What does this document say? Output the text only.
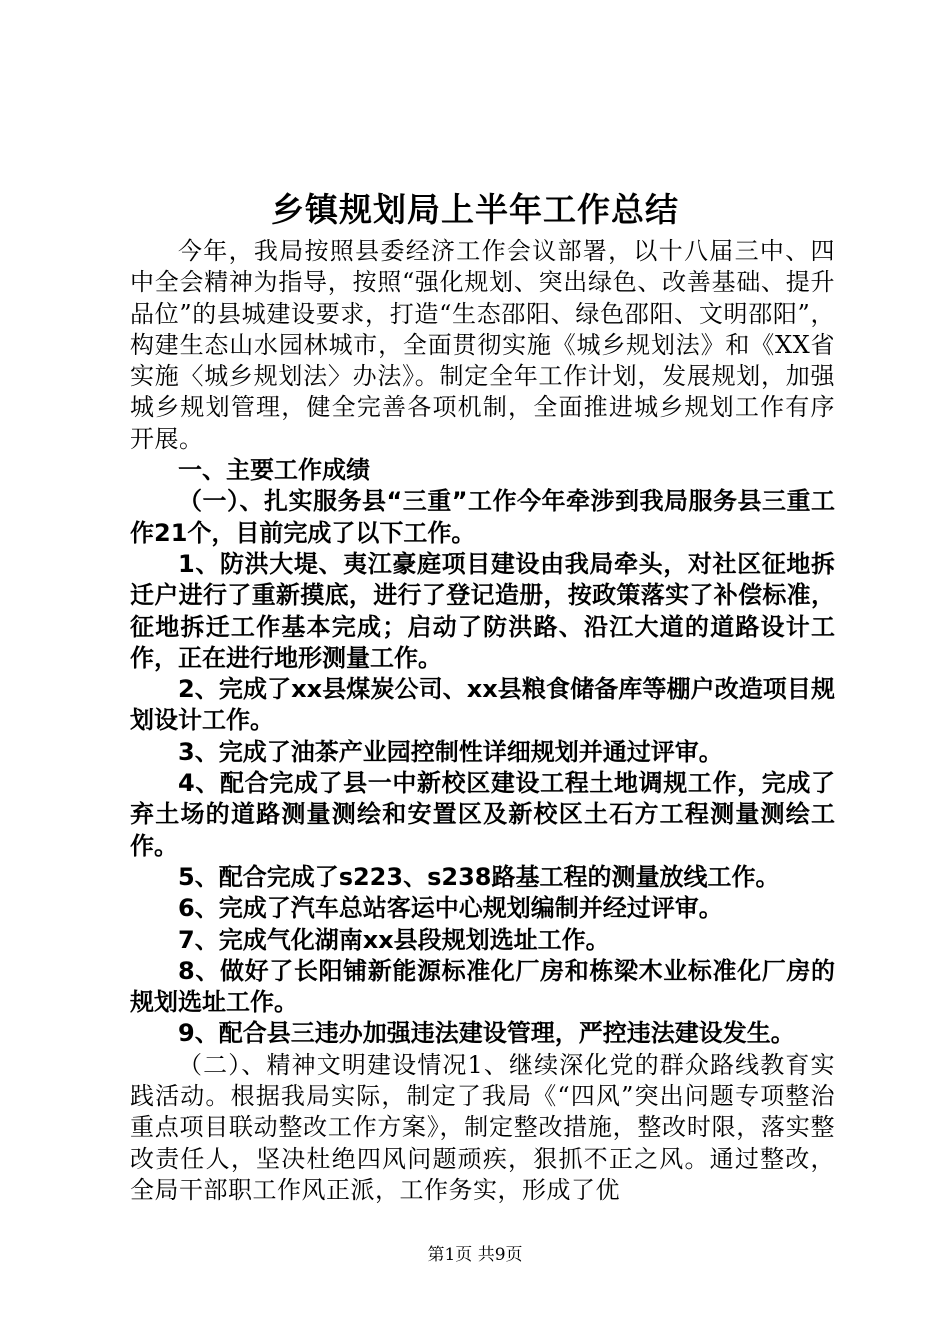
乡镇规划局上半年工作总结

今年，我局按照县委经济工作会议部署，以十八届三中、四中全会精神为指导，按照“强化规划、突出绿色、改善基础、提升品位”的县城建设要求，打造“生态邵阳、绿色邵阳、文明邵阳”，构建生态山水园林城市，全面贯彻实施《城乡规划法》和《XX省实施〈城乡规划法〉办法》。制定全年工作计划，发展规划，加强城乡规划管理，健全完善各项机制，全面推进城乡规划工作有序开展。

一、主要工作成绩

（一）、扎实服务县“三重”工作今年牵涉到我局服务县三重工作21个，目前完成了以下工作。

1、防洪大堤、夷江豪庭项目建设由我局牵头，对社区征地拆迁户进行了重新摸底，进行了登记造册，按政策落实了补偿标准，征地拆迁工作基本完成；启动了防洪路、沿江大道的道路设计工作，正在进行地形测量工作。

2、完成了xx县煤炭公司、xx县粮食储备库等棚户改造项目规划设计工作。

3、完成了油茶产业园控制性详细规划并通过评审。

4、配合完成了县一中新校区建设工程土地调规工作，完成了弃土场的道路测量测绘和安置区及新校区土石方工程测量测绘工作。

5、配合完成了s223、s238路基工程的测量放线工作。

6、完成了汽车总站客运中心规划编制并经过评审。

7、完成气化湖南xx县段规划选址工作。

8、做好了长阳铺新能源标准化厂房和栋梁木业标准化厂房的规划选址工作。

9、配合县三违办加强违法建设管理，严控违法建设发生。

（二）、精神文明建设情况1、继续深化党的群众路线教育实践活动。根据我局实际，制定了我局《“四风”突出问题专项整治重点项目联动整改工作方案》，制定整改措施，整改时限，落实整改责任人，坚决杜绝四风问题顽疾，狠抓不正之风。通过整改，全局干部职工作风正派，工作务实，形成了优

第1页 共9页
